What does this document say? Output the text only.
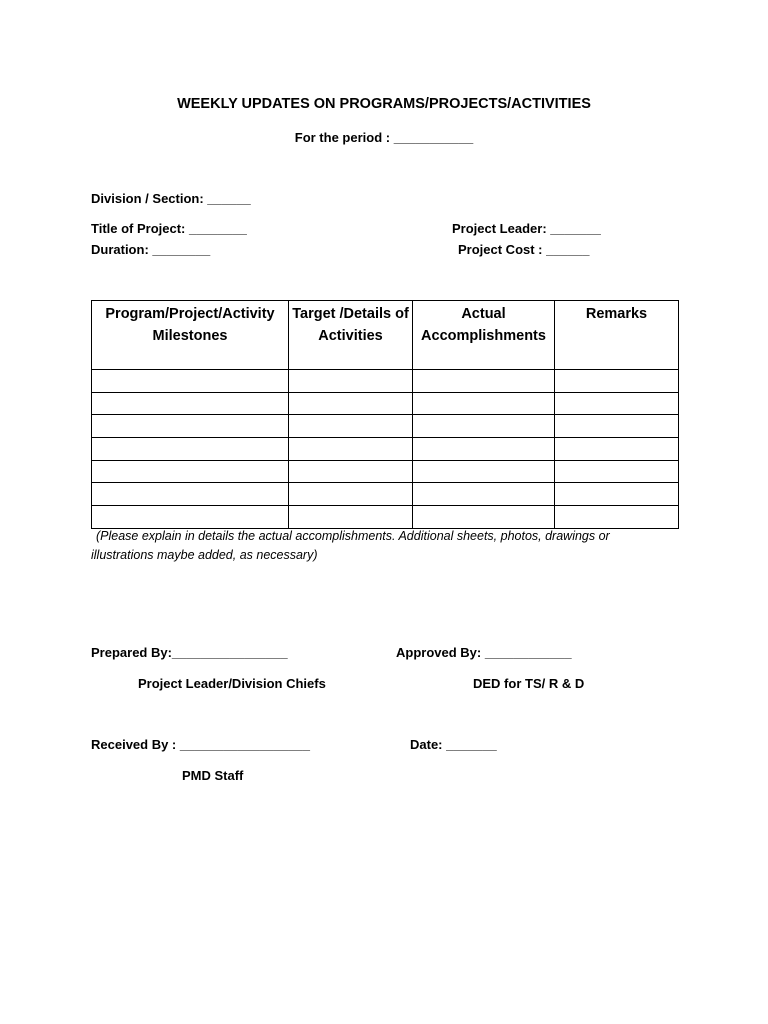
WEEKLY UPDATES ON PROGRAMS/PROJECTS/ACTIVITIES
For the period : ___________
Division / Section: ______
Title of Project: ________
Duration: ________
Project Leader: _______
Project Cost : ______
Program/Project/Activity Milestones	Target /Details of Activities	Actual Accomplishments	Remarks

(Please explain in details the actual accomplishments. Additional sheets, photos, drawings or
illustrations maybe added, as necessary)
Prepared By:________________	Approved By: ____________
Project Leader/Division Chiefs	DED for TS/ R & D
Received By : __________________	Date: _______
PMD Staff
